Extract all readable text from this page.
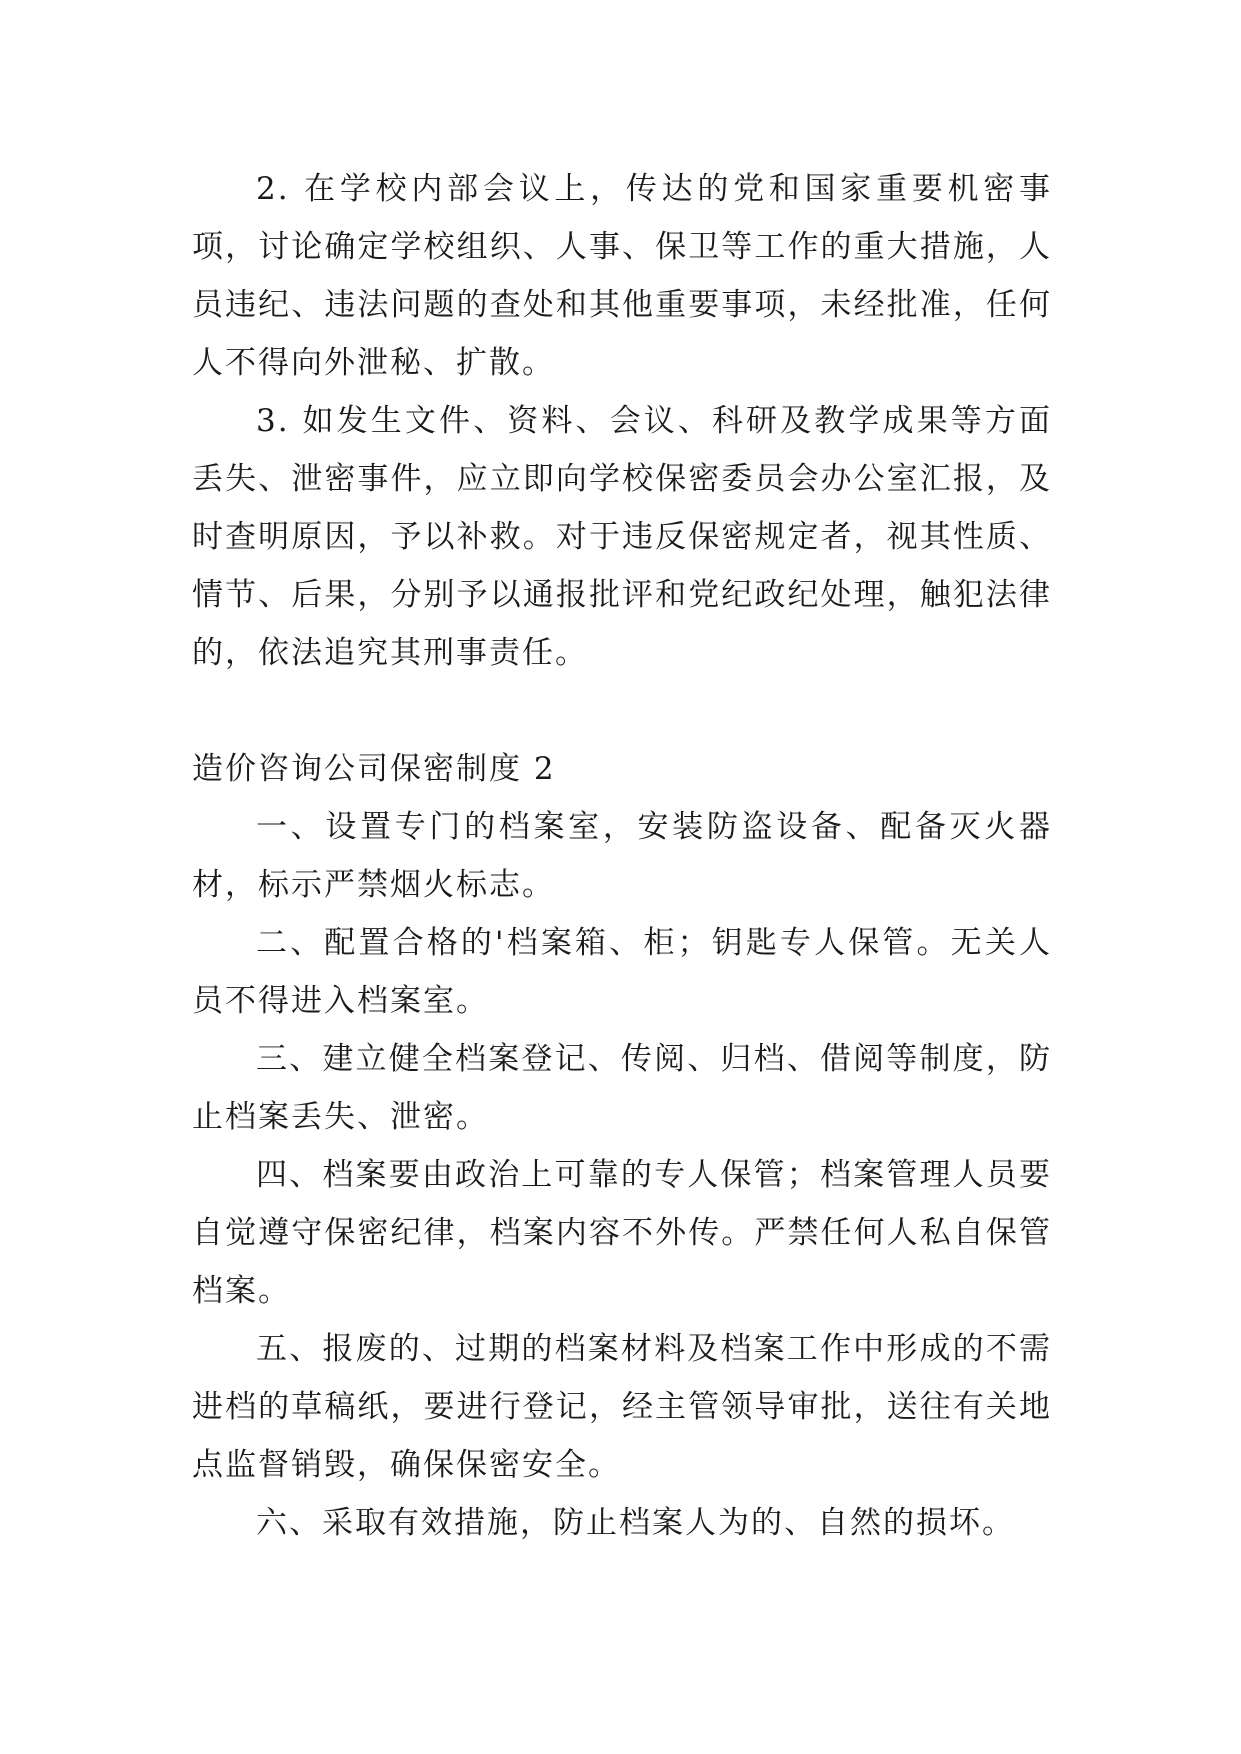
2. 在学校内部会议上，传达的党和国家重要机密事项，讨论确定学校组织、人事、保卫等工作的重大措施，人员违纪、违法问题的查处和其他重要事项，未经批准，任何人不得向外泄秘、扩散。

3. 如发生文件、资料、会议、科研及教学成果等方面丢失、泄密事件，应立即向学校保密委员会办公室汇报，及时查明原因，予以补救。对于违反保密规定者，视其性质、情节、后果，分别予以通报批评和党纪政纪处理，触犯法律的，依法追究其刑事责任。

造价咨询公司保密制度 2

一、设置专门的档案室，安装防盗设备、配备灭火器材，标示严禁烟火标志。

二、配置合格的'档案箱、柜；钥匙专人保管。无关人员不得进入档案室。

三、建立健全档案登记、传阅、归档、借阅等制度，防止档案丢失、泄密。

四、档案要由政治上可靠的专人保管；档案管理人员要自觉遵守保密纪律，档案内容不外传。严禁任何人私自保管档案。

五、报废的、过期的档案材料及档案工作中形成的不需进档的草稿纸，要进行登记，经主管领导审批，送往有关地点监督销毁，确保保密安全。

六、采取有效措施，防止档案人为的、自然的损坏。
